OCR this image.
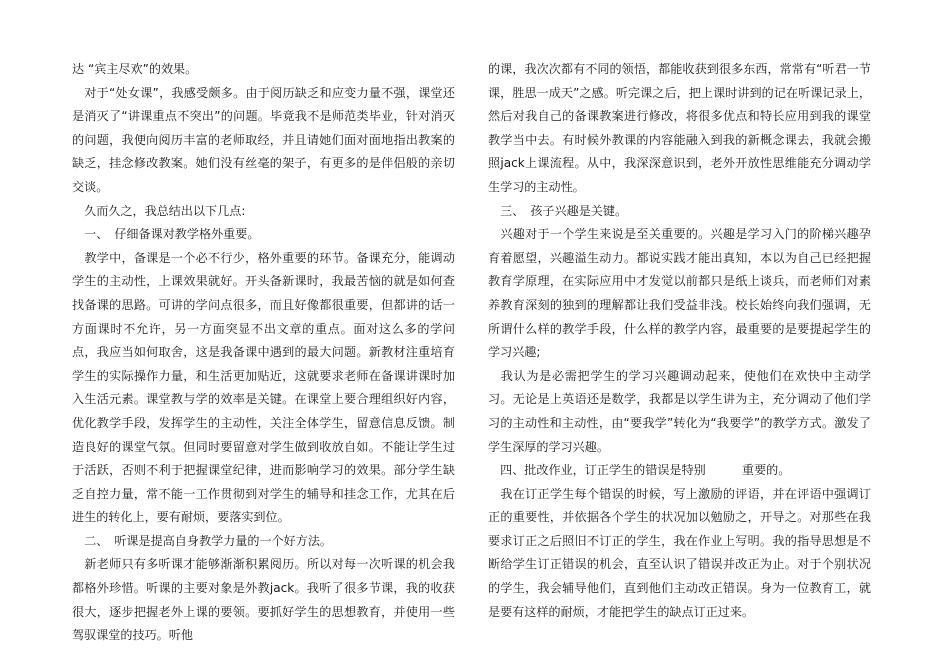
达 “宾主尽欢”的效果。

　对于“处女课”，我感受颇多。由于阅历缺乏和应变力量不强，课堂还是消灭了“讲课重点不突出”的问题。毕竟我不是师范类毕业，针对消灭的问题，我便向阅历丰富的老师取经，并且请她们面对面地指出教案的缺乏，挂念修改教案。她们没有丝毫的架子，有更多的是伴侣般的亲切交谈。

　久而久之，我总结出以下几点:

　一、　仔细备课对教学格外重要。

　教学中，备课是一个必不行少，格外重要的环节。备课充分，能调动学生的主动性，上课效果就好。开头备新课时，我最苦恼的就是如何查找备课的思路。可讲的学问点很多，而且好像都很重要，但都讲的话一方面课时不允许，另一方面突显不出文章的重点。面对这么多的学问点，我应当如何取舍，这是我备课中遇到的最大问题。新教材注重培育学生的实际操作力量，和生活更加贴近，这就要求老师在备课讲课时加入生活元素。课堂教与学的效率是关键。在课堂上要合理组织好内容，优化教学手段，发挥学生的主动性，关注全体学生，留意信息反馈。制造良好的课堂气氛。但同时要留意对学生做到收放自如。不能让学生过于活跃，否则不利于把握课堂纪律，进而影响学习的效果。部分学生缺乏自控力量，常不能一工作贯彻到对学生的辅导和挂念工作，尤其在后进生的转化上，要有耐烦，要落实到位。

　二、　听课是提高自身教学力量的一个好方法。

　新老师只有多听课才能够渐渐积累阅历。所以对每一次听课的机会我都格外珍惜。听课的主要对象是外教jack。我听了很多节课，我的收获很大，逐步把握老外上课的要领。要抓好学生的思想教育，并使用一些驾驭课堂的技巧。听他

的课，我次次都有不同的领悟，都能收获到很多东西，常常有“听君一节课，胜思一成天”之感。听完课之后，把上课时讲到的记在听课记录上，然后对我自己的备课教案进行修改，将很多优点和特长应用到我的课堂教学当中去。有时候外教课的内容能融入到我的新概念课去，我就会搬照jack上课流程。从中，我深深意识到，老外开放性思维能充分调动学生学习的主动性。

　三、　孩子兴趣是关键。

　兴趣对于一个学生来说是至关重要的。兴趣是学习入门的阶梯兴趣孕育着愿望，兴趣溢生动力。都说实践才能出真知，本以为自己已经把握教育学原理，在实际应用中才发觉以前都只是纸上谈兵，而老师们对素养教育深刻的独到的理解都让我们受益非浅。校长始终向我们强调，无所谓什么样的教学手段，什么样的教学内容，最重要的是要提起学生的学习兴趣;

　我认为是必需把学生的学习兴趣调动起来，使他们在欢快中主动学习。无论是上英语还是数学，我都是以学生讲为主，充分调动了他们学习的主动性和主动性，由“要我学”转化为“我要学”的教学方式。激发了学生深厚的学习兴趣。

　四、批改作业，订正学生的错误是特别　　　重要的。

　我在订正学生每个错误的时候，写上激励的评语，并在评语中强调订正的重要性，并依据各个学生的状况加以勉励之，开导之。对那些在我要求订正之后照旧不订正的学生，我在作业上写明。我的指导思想是不断给学生订正错误的机会，直至认识了错误并改正为止。对于个别状况的学生，我会辅导他们，直到他们主动改正错误。身为一位教育工，就是要有这样的耐烦，才能把学生的缺点订正过来。
